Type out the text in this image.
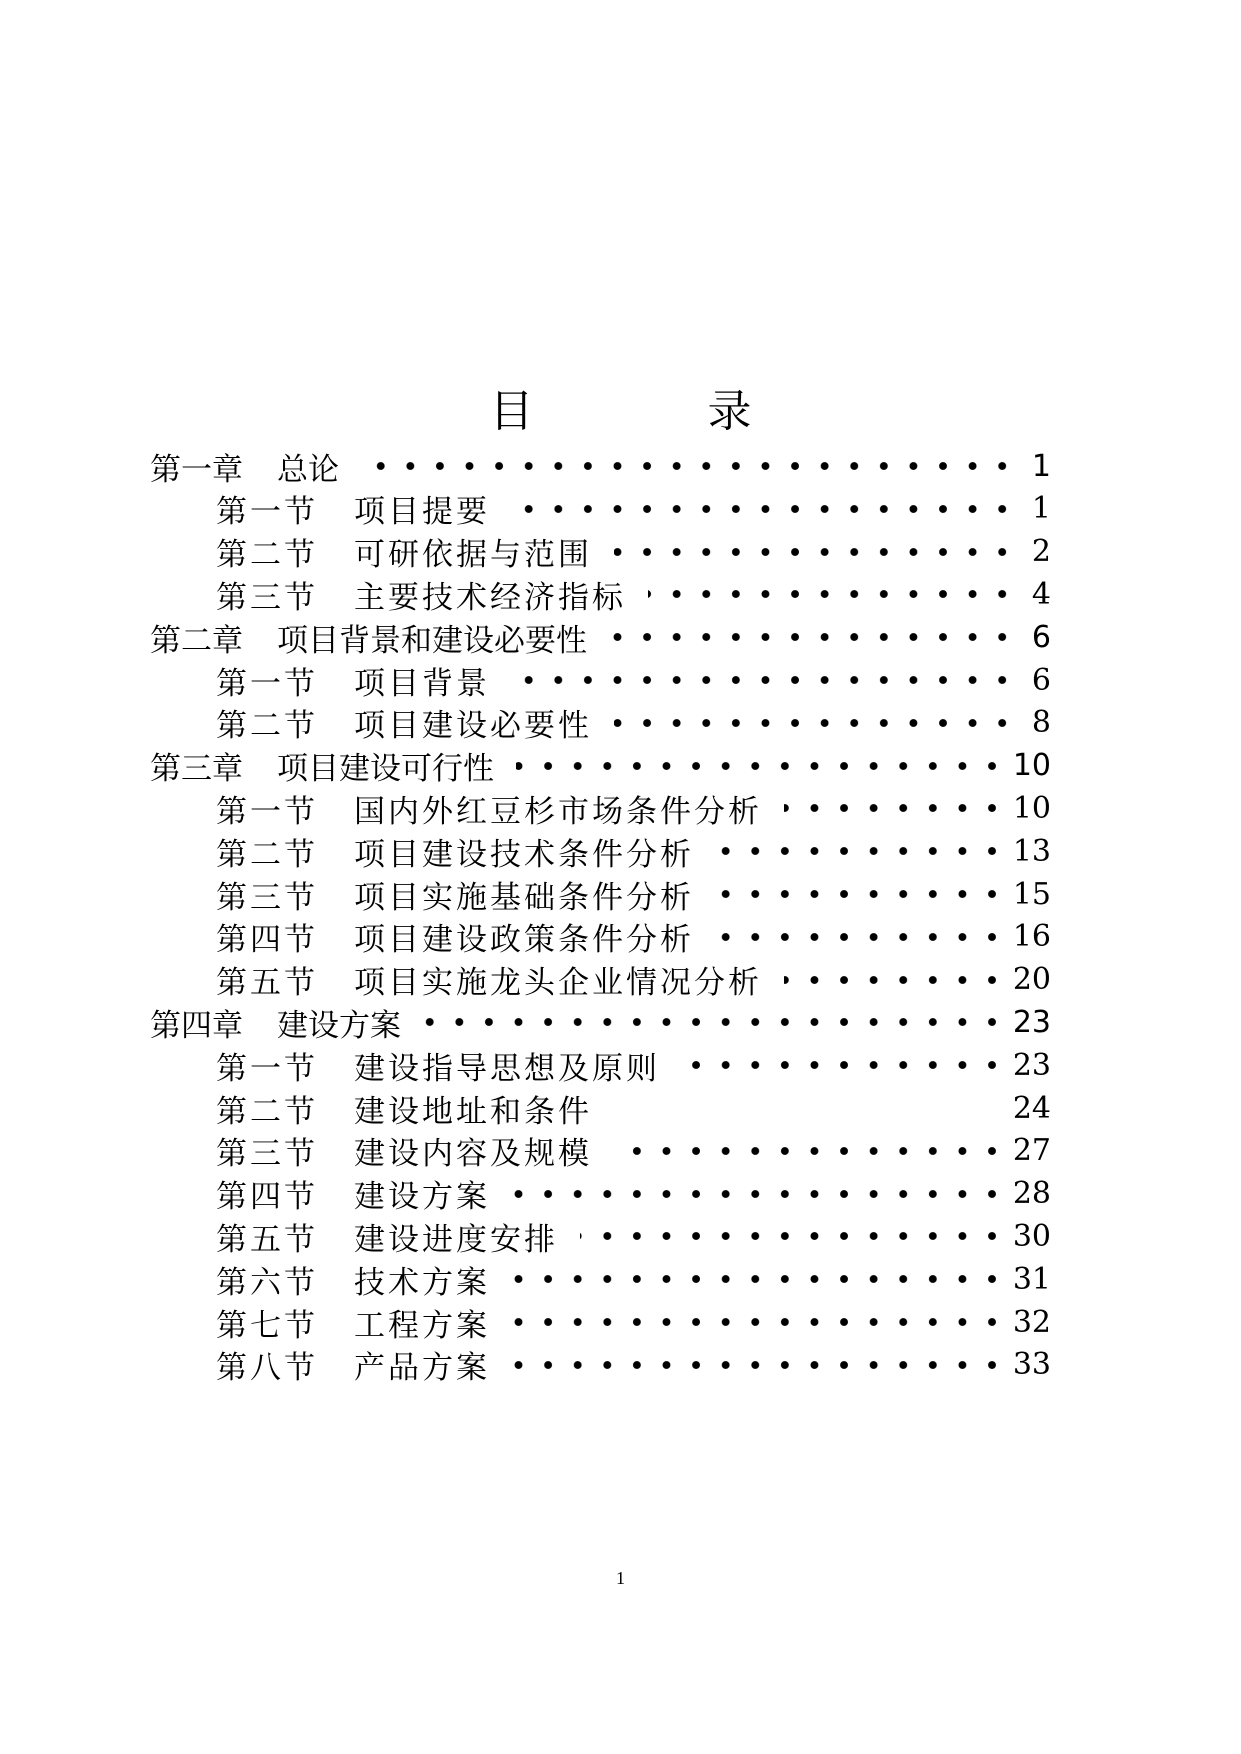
目 录
第一章 总论	1
第一节 项目提要	1
第二节 可研依据与范围	2
第三节 主要技术经济指标	4
第二章 项目背景和建设必要性	6
第一节 项目背景	6
第二节 项目建设必要性	8
第三章 项目建设可行性	10
第一节 国内外红豆杉市场条件分析	10
第二节 项目建设技术条件分析	13
第三节 项目实施基础条件分析	15
第四节 项目建设政策条件分析	16
第五节 项目实施龙头企业情况分析	20
第四章 建设方案	23
第一节 建设指导思想及原则	23
第二节 建设地址和条件	24
第三节 建设内容及规模	27
第四节 建设方案	28
第五节 建设进度安排	30
第六节 技术方案	31
第七节 工程方案	32
第八节 产品方案	33
1
